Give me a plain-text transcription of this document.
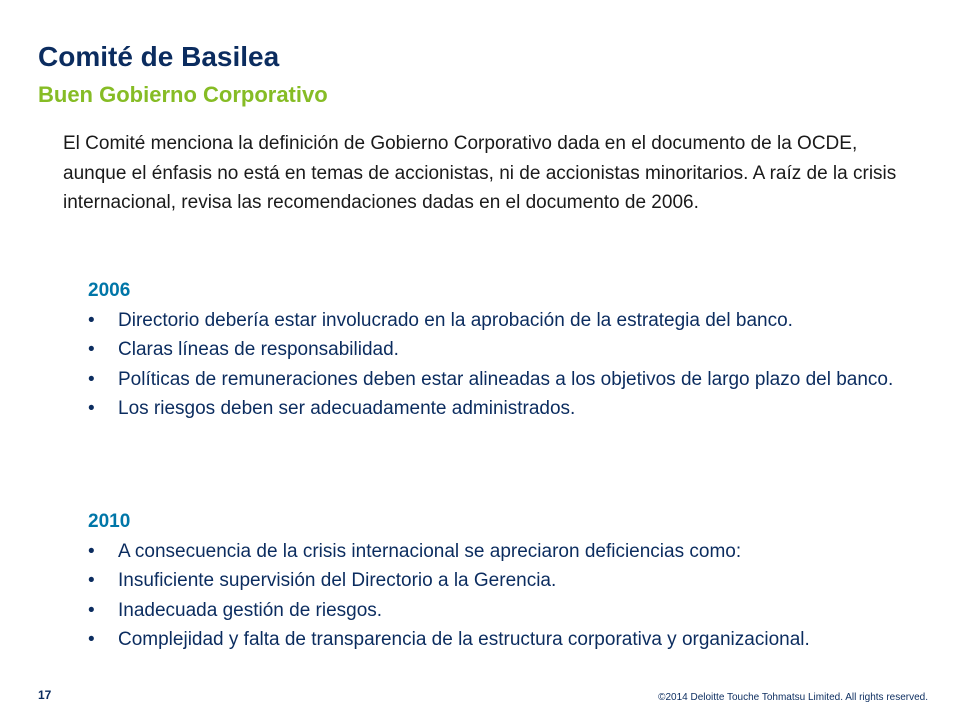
Comité de Basilea
Buen Gobierno Corporativo

El Comité menciona la definición de Gobierno Corporativo dada en el documento de la OCDE, aunque el énfasis no está en temas de accionistas, ni de accionistas minoritarios. A raíz de la crisis internacional, revisa las recomendaciones dadas en el documento de 2006.

2006

•	Directorio debería estar involucrado en la aprobación de la estrategia del banco.
•	Claras líneas de responsabilidad.
•	Políticas de remuneraciones deben estar alineadas a los objetivos de largo plazo del banco.
•	Los riesgos deben ser adecuadamente administrados.

2010

•	A consecuencia de la crisis internacional se apreciaron deficiencias como:
•	Insuficiente supervisión del Directorio a la Gerencia.
•	Inadecuada gestión de riesgos.
•	Complejidad y falta de transparencia de la estructura corporativa y organizacional.
17	©2014 Deloitte Touche Tohmatsu Limited. All rights reserved.
